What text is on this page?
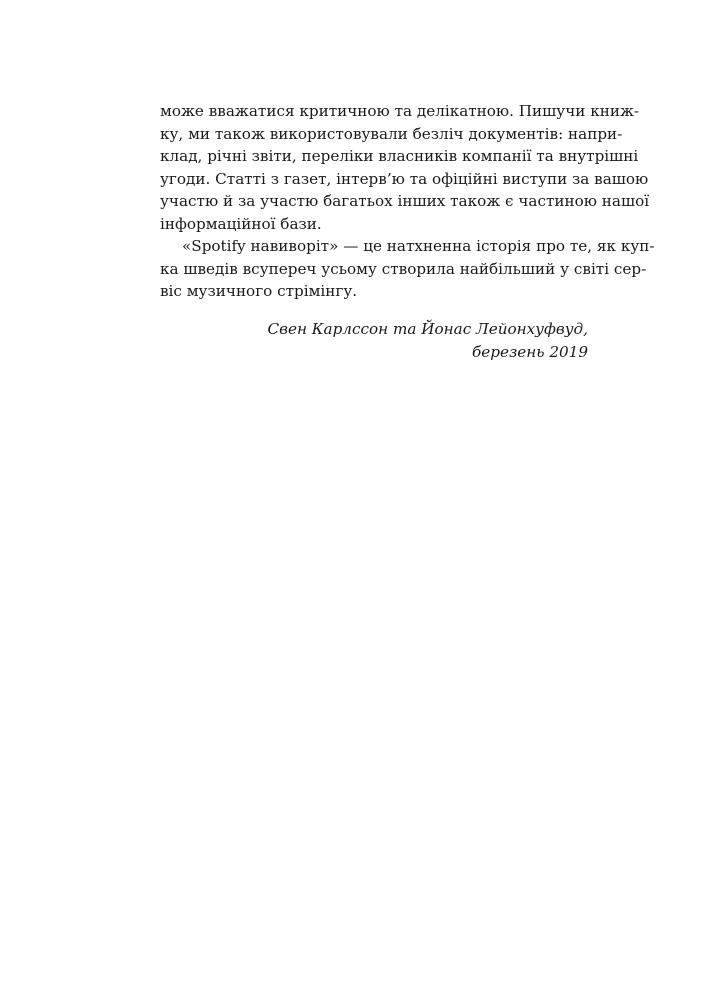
може вважатися критичною та делікатною. Пишучи книж-
ку, ми також використовували безліч документів: напри-
клад, річні звіти, переліки власників компанії та внутрішні
угоди. Статті з газет, інтерв’ю та офіційні виступи за вашою
участю й за участю багатьох інших також є частиною нашої
інформаційної бази.
«Spotify навиворіт» — це натхненна історія про те, як куп-
ка шведів всупереч усьому створила найбільший у світі сер-
віс музичного стрімінгу.
Свен Карлссон та Йонас Лейонхуфвуд,
березень 2019
